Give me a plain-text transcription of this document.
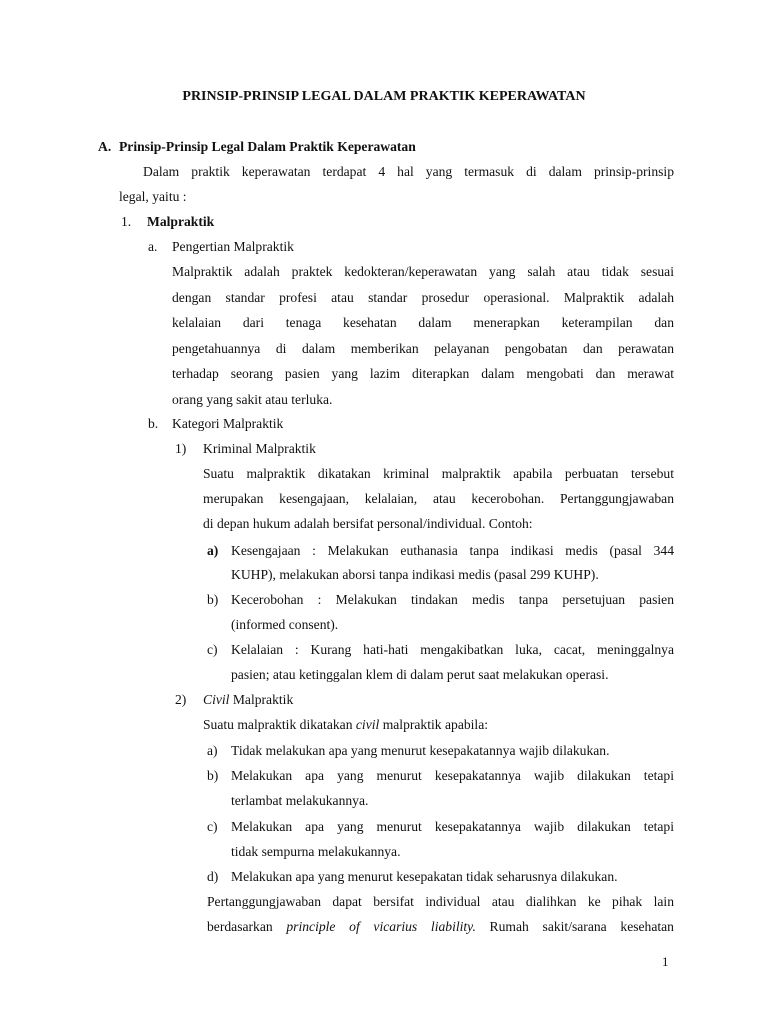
PRINSIP-PRINSIP LEGAL DALAM PRAKTIK KEPERAWATAN
A. Prinsip-Prinsip Legal Dalam Praktik Keperawatan
Dalam praktik keperawatan terdapat 4 hal yang termasuk di dalam prinsip-prinsip
legal, yaitu :
1. Malpraktik
a. Pengertian Malpraktik
Malpraktik adalah praktek kedokteran/keperawatan yang salah atau tidak sesuai
dengan standar profesi atau standar prosedur operasional. Malpraktik adalah
kelalaian dari tenaga kesehatan dalam menerapkan keterampilan dan
pengetahuannya di dalam memberikan pelayanan pengobatan dan perawatan
terhadap seorang pasien yang lazim diterapkan dalam mengobati dan merawat
orang yang sakit atau terluka.
b. Kategori Malpraktik
1) Kriminal Malpraktik
Suatu malpraktik dikatakan kriminal malpraktik apabila perbuatan tersebut
merupakan kesengajaan, kelalaian, atau kecerobohan. Pertanggungjawaban
di depan hukum adalah bersifat personal/individual. Contoh:
a) Kesengajaan : Melakukan euthanasia tanpa indikasi medis (pasal 344
KUHP), melakukan aborsi tanpa indikasi medis (pasal 299 KUHP).
b) Kecerobohan : Melakukan tindakan medis tanpa persetujuan pasien
(informed consent).
c) Kelalaian : Kurang hati-hati mengakibatkan luka, cacat, meninggalnya
pasien; atau ketinggalan klem di dalam perut saat melakukan operasi.
2) Civil Malpraktik
Suatu malpraktik dikatakan civil malpraktik apabila:
a) Tidak melakukan apa yang menurut kesepakatannya wajib dilakukan.
b) Melakukan apa yang menurut kesepakatannya wajib dilakukan tetapi
terlambat melakukannya.
c) Melakukan apa yang menurut kesepakatannya wajib dilakukan tetapi
tidak sempurna melakukannya.
d) Melakukan apa yang menurut kesepakatan tidak seharusnya dilakukan.
Pertanggungjawaban dapat bersifat individual atau dialihkan ke pihak lain
berdasarkan principle of vicarius liability. Rumah sakit/sarana kesehatan
1
